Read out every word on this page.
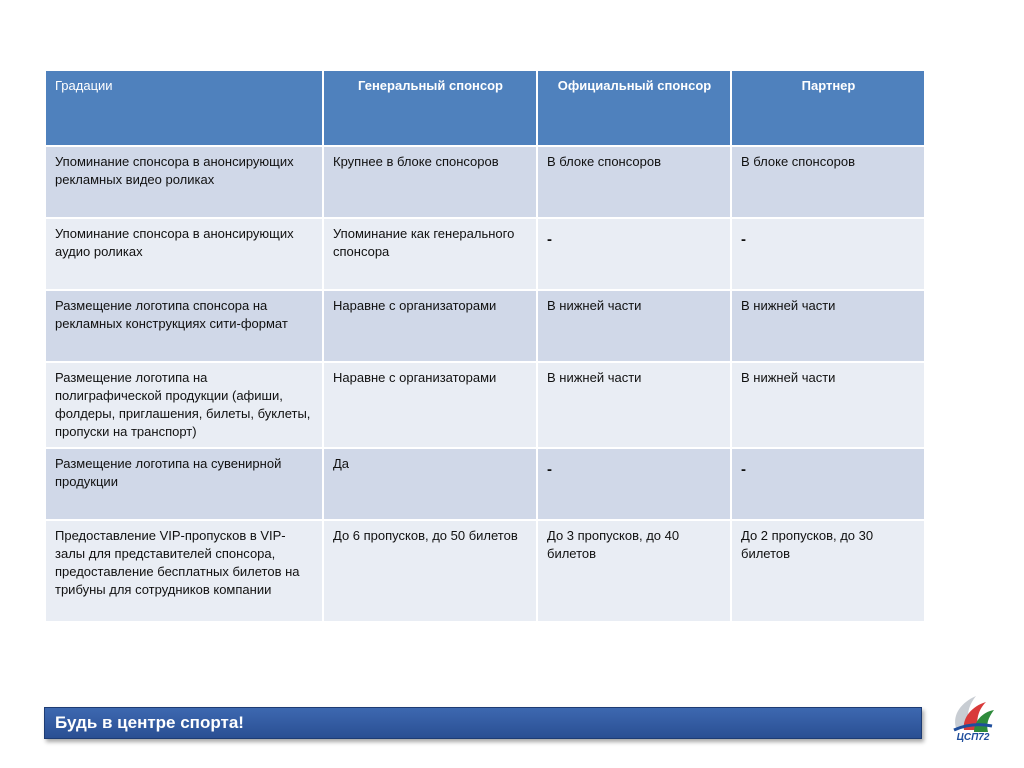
Градации	Генеральный спонсор	Официальный спонсор	Партнер
Упоминание спонсора в анонсирующих рекламных видео роликах	Крупнее в блоке спонсоров	В блоке спонсоров	В блоке спонсоров
Упоминание спонсора в анонсирующих аудио роликах	Упоминание как генерального спонсора	-	-
Размещение логотипа спонсора на рекламных конструкциях сити-формат	Наравне с организаторами	В нижней части	В нижней части
Размещение логотипа на полиграфической продукции (афиши, фолдеры, приглашения, билеты, буклеты, пропуски на транспорт)	Наравне с организаторами	В нижней части	В нижней части
Размещение логотипа на сувенирной продукции	Да	-	-
Предоставление VIP-пропусков в VIP-залы для представителей спонсора, предоставление бесплатных билетов на трибуны для сотрудников компании	До 6 пропусков, до 50 билетов	До 3 пропусков, до 40 билетов	До 2 пропусков, до 30 билетов
Будь в центре спорта!
ЦСП72
